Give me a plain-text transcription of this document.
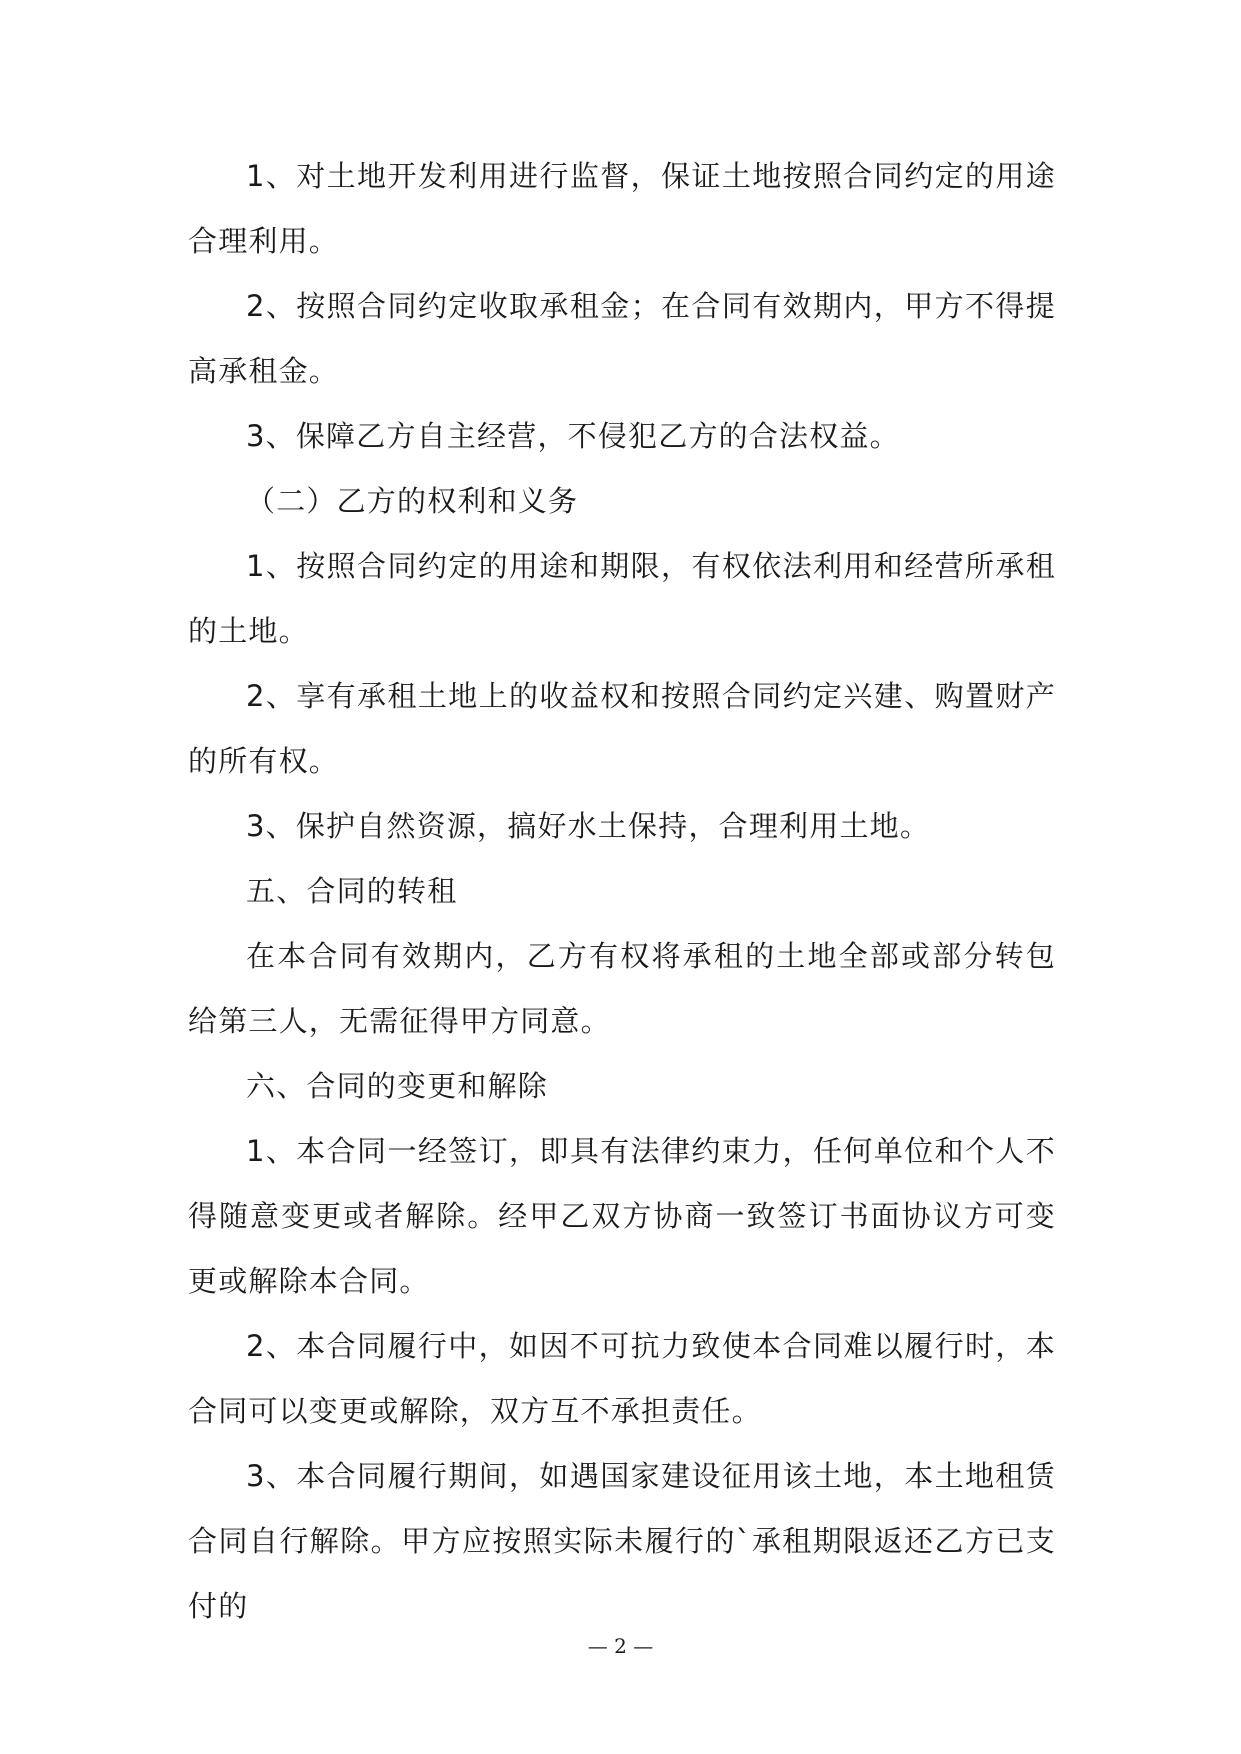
1、对土地开发利用进行监督，保证土地按照合同约定的用途合理利用。

2、按照合同约定收取承租金；在合同有效期内，甲方不得提高承租金。

3、保障乙方自主经营，不侵犯乙方的合法权益。

（二）乙方的权利和义务

1、按照合同约定的用途和期限，有权依法利用和经营所承租的土地。

2、享有承租土地上的收益权和按照合同约定兴建、购置财产的所有权。

3、保护自然资源，搞好水土保持，合理利用土地。

五、合同的转租

在本合同有效期内，乙方有权将承租的土地全部或部分转包给第三人，无需征得甲方同意。

六、合同的变更和解除

1、本合同一经签订，即具有法律约束力，任何单位和个人不得随意变更或者解除。经甲乙双方协商一致签订书面协议方可变更或解除本合同。

2、本合同履行中，如因不可抗力致使本合同难以履行时，本合同可以变更或解除，双方互不承担责任。

3、本合同履行期间，如遇国家建设征用该土地，本土地租赁合同自行解除。甲方应按照实际未履行的`承租期限返还乙方已支付的

— 2 —
